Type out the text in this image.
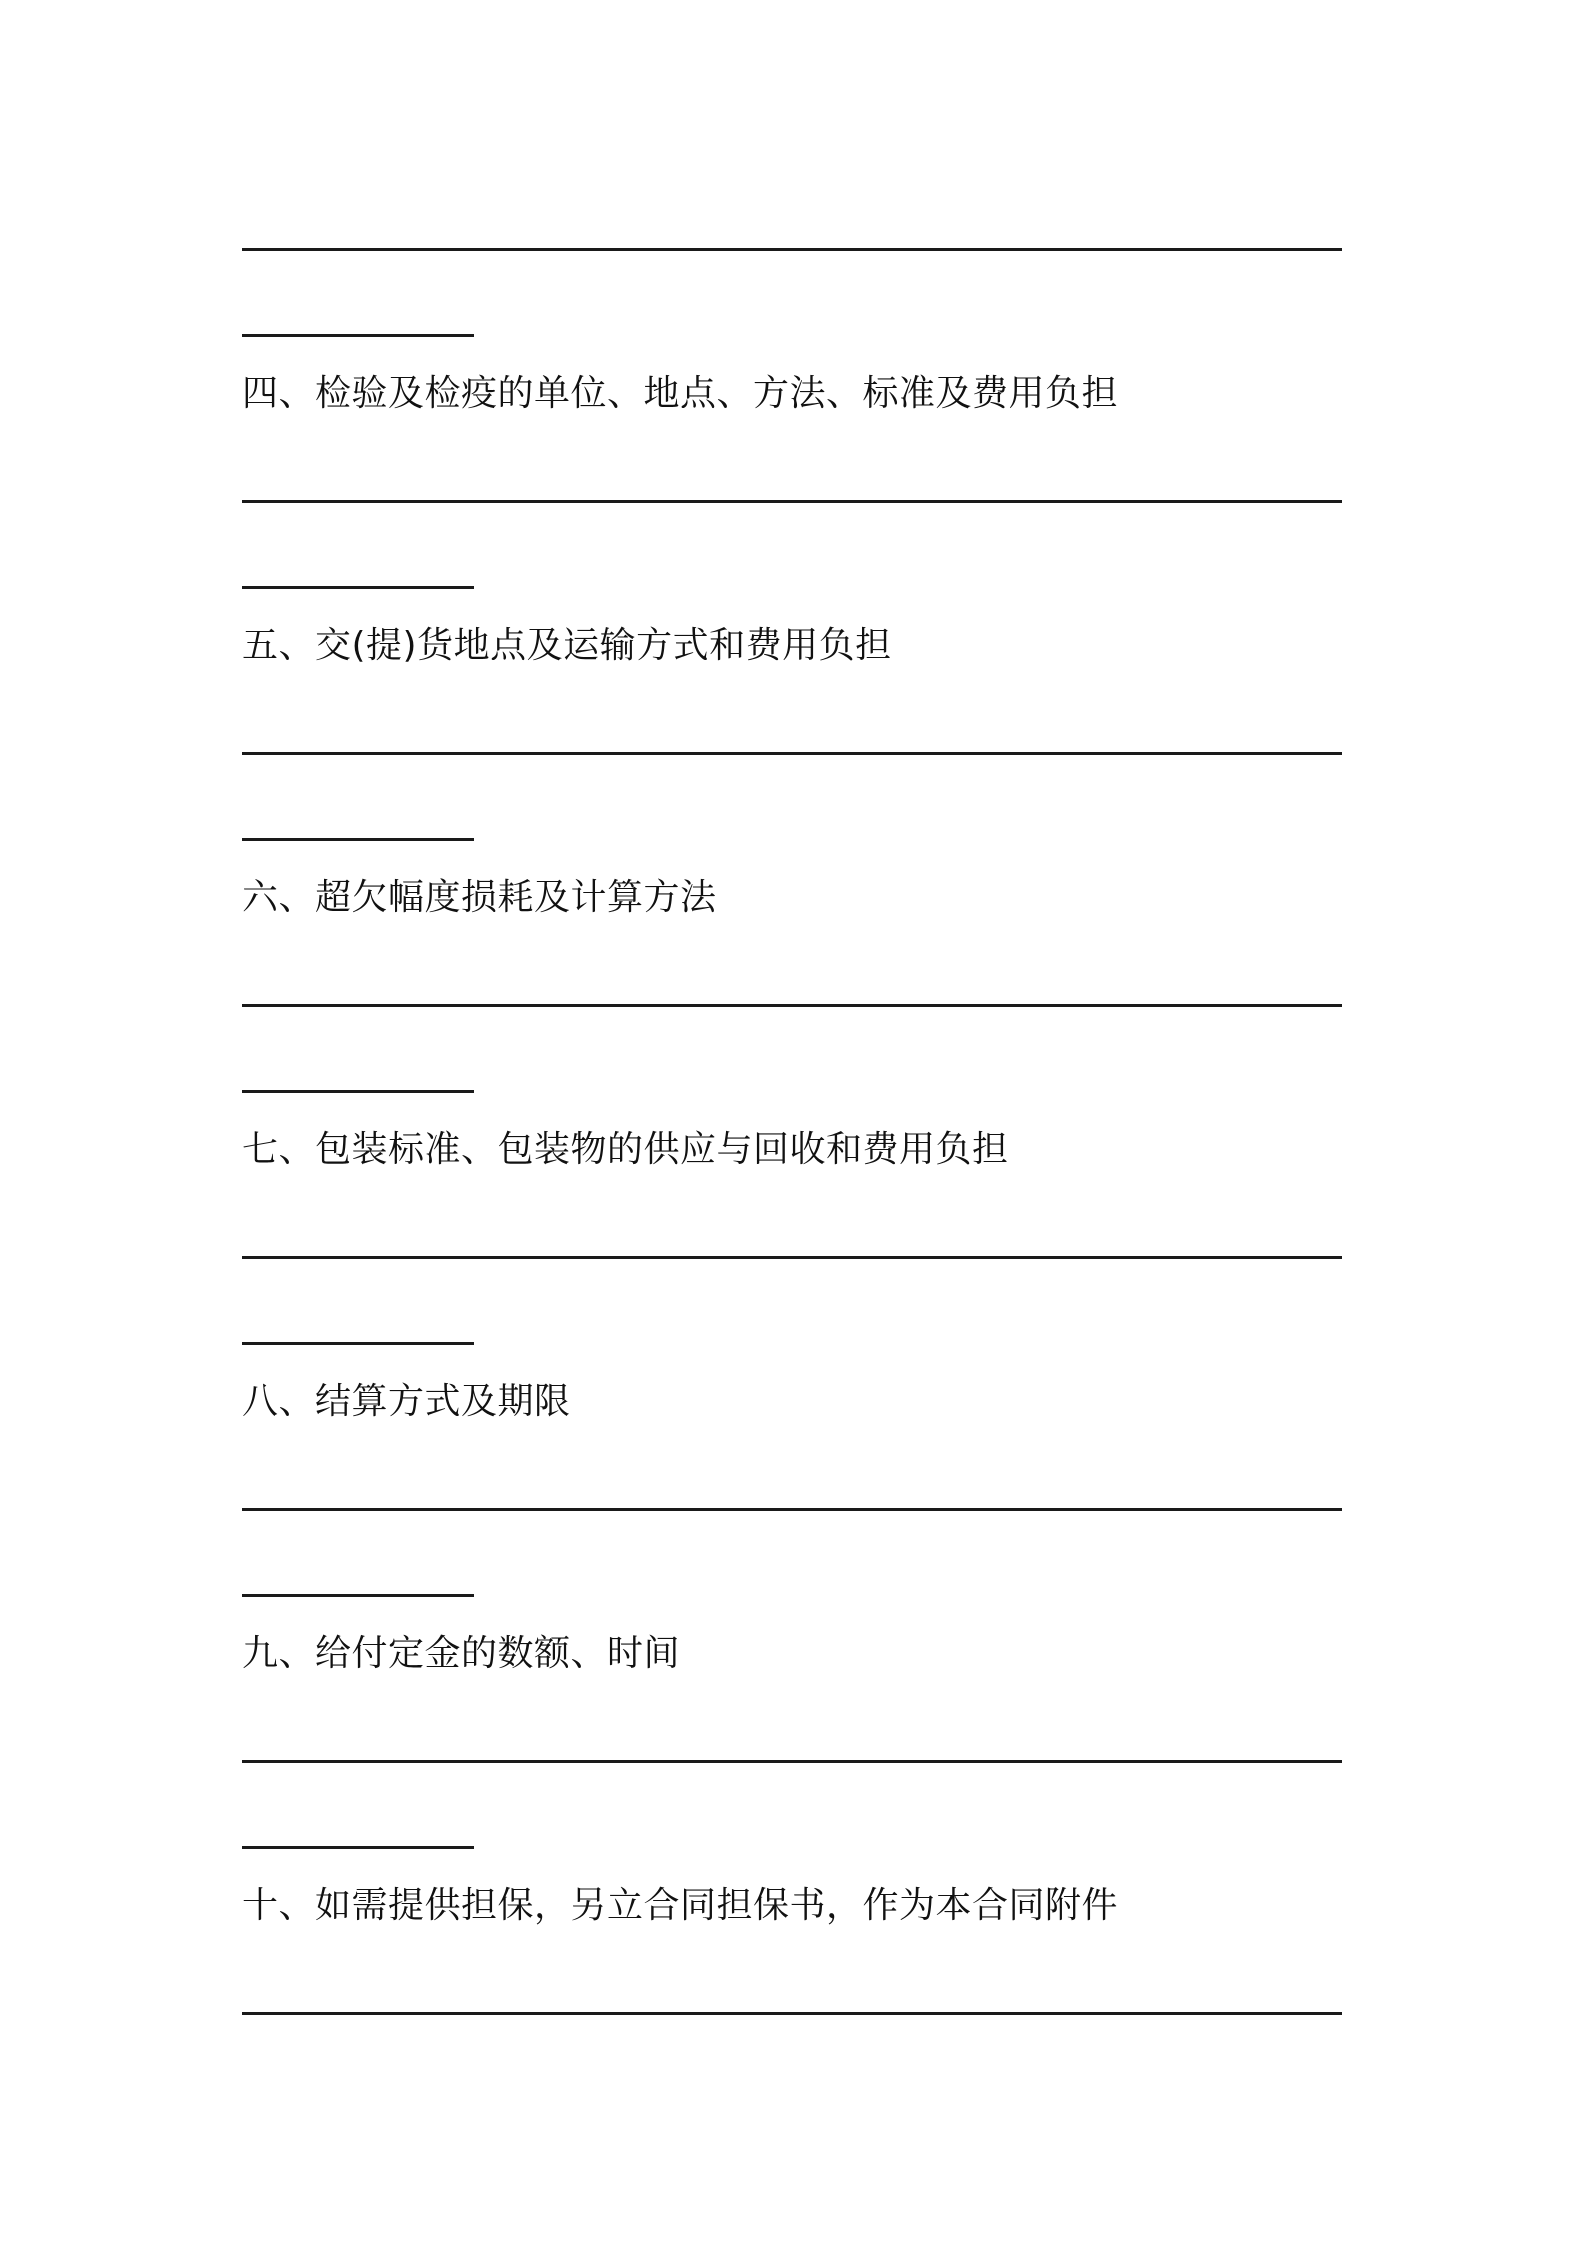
四、检验及检疫的单位、地点、方法、标准及费用负担
五、交(提)货地点及运输方式和费用负担
六、超欠幅度损耗及计算方法
七、包装标准、包装物的供应与回收和费用负担
八、结算方式及期限
九、给付定金的数额、时间
十、如需提供担保，另立合同担保书，作为本合同附件
